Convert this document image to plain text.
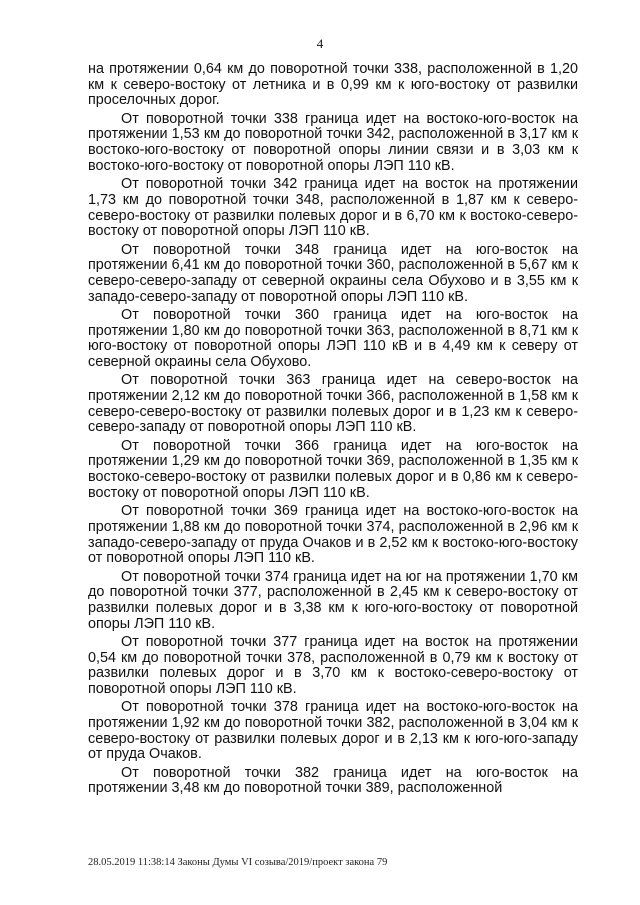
4

на протяжении 0,64 км до поворотной точки 338, расположенной в 1,20 км к северо-востоку от летника и в 0,99 км к юго-востоку от развилки проселочных дорог.

От поворотной точки 338 граница идет на востоко-юго-восток на протяжении 1,53 км до поворотной точки 342, расположенной в 3,17 км к востоко-юго-востоку от поворотной опоры линии связи и в 3,03 км к востоко-юго-востоку от поворотной опоры ЛЭП 110 кВ.

От поворотной точки 342 граница идет на восток на протяжении 1,73 км до поворотной точки 348, расположенной в 1,87 км к северо-северо-востоку от развилки полевых дорог и в 6,70 км к востоко-северо-востоку от поворотной опоры ЛЭП 110 кВ.

От поворотной точки 348 граница идет на юго-восток на протяжении 6,41 км до поворотной точки 360, расположенной в 5,67 км к северо-северо-западу от северной окраины села Обухово и в 3,55 км к западо-северо-западу от поворотной опоры ЛЭП 110 кВ.

От поворотной точки 360 граница идет на юго-восток на протяжении 1,80 км до поворотной точки 363, расположенной в 8,71 км к юго-востоку от поворотной опоры ЛЭП 110 кВ и в 4,49 км к северу от северной окраины села Обухово.

От поворотной точки 363 граница идет на северо-восток на протяжении 2,12 км до поворотной точки 366, расположенной в 1,58 км к северо-северо-востоку от развилки полевых дорог и в 1,23 км к северо-северо-западу от поворотной опоры ЛЭП 110 кВ.

От поворотной точки 366 граница идет на юго-восток на протяжении 1,29 км до поворотной точки 369, расположенной в 1,35 км к востоко-северо-востоку от развилки полевых дорог и в 0,86 км к северо-востоку от поворотной опоры ЛЭП 110 кВ.

От поворотной точки 369 граница идет на востоко-юго-восток на протяжении 1,88 км до поворотной точки 374, расположенной в 2,96 км к западо-северо-западу от пруда Очаков и в 2,52 км к востоко-юго-востоку от поворотной опоры ЛЭП 110 кВ.

От поворотной точки 374 граница идет на юг на протяжении 1,70 км до поворотной точки 377, расположенной в 2,45 км к северо-востоку от развилки полевых дорог и в 3,38 км к юго-юго-востоку от поворотной опоры ЛЭП 110 кВ.

От поворотной точки 377 граница идет на восток на протяжении 0,54 км до поворотной точки 378, расположенной в 0,79 км к востоку от развилки полевых дорог и в 3,70 км к востоко-северо-востоку от поворотной опоры ЛЭП 110 кВ.

От поворотной точки 378 граница идет на востоко-юго-восток на протяжении 1,92 км до поворотной точки 382, расположенной в 3,04 км к северо-востоку от развилки полевых дорог и в 2,13 км к юго-юго-западу от пруда Очаков.

От поворотной точки 382 граница идет на юго-восток на протяжении 3,48 км до поворотной точки 389, расположенной

28.05.2019 11:38:14 Законы Думы VI созыва/2019/проект закона 79
